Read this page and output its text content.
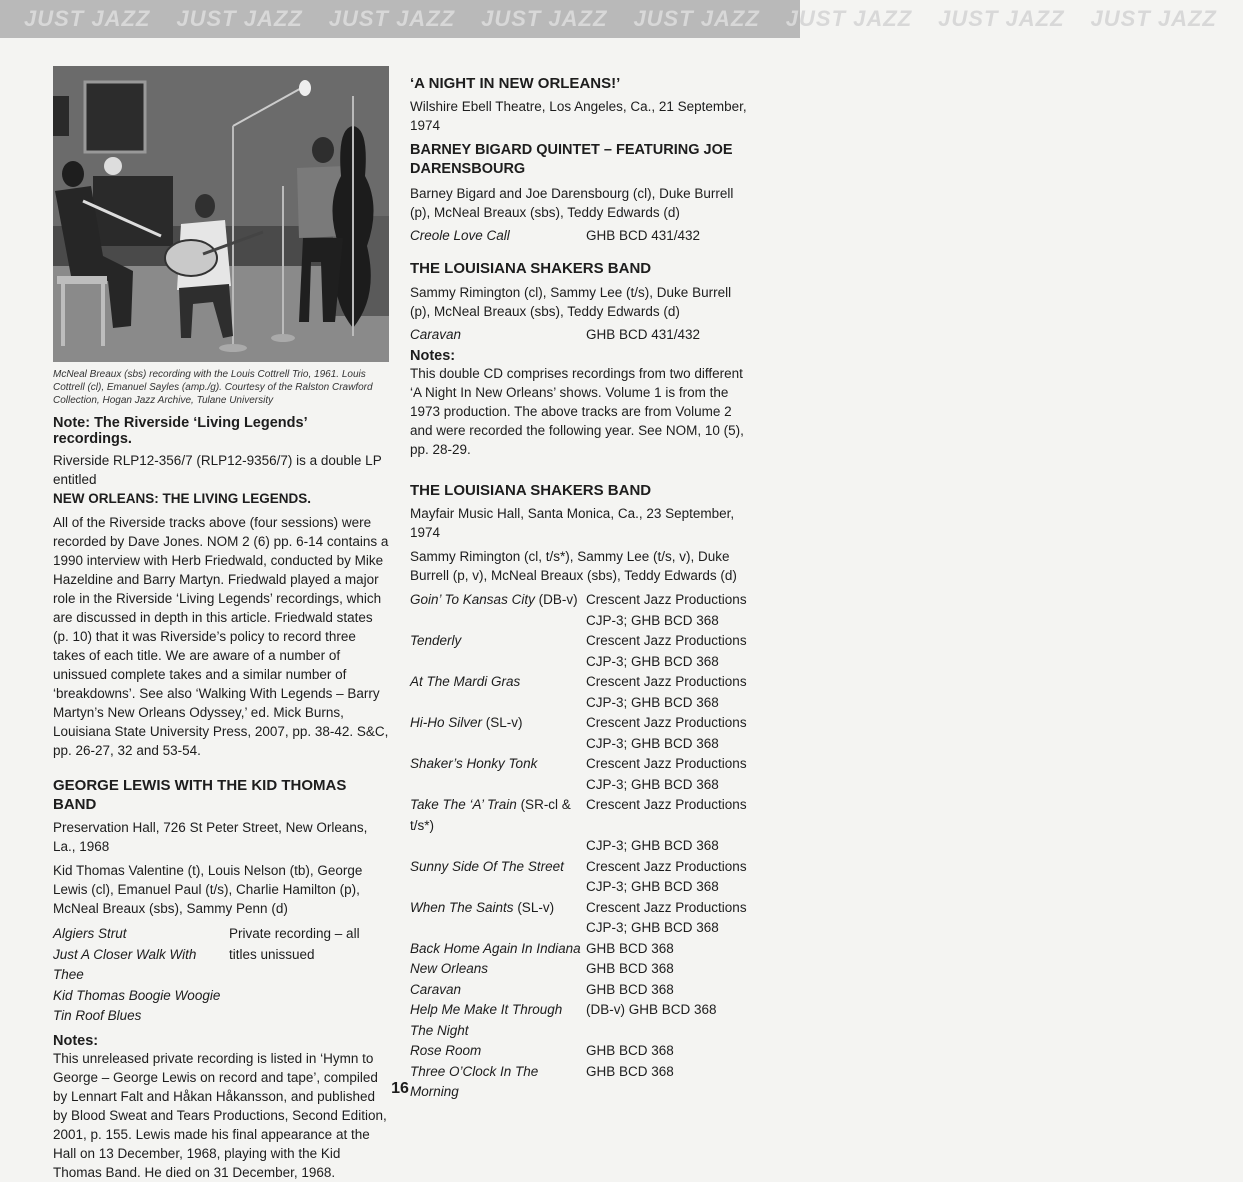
JUST JAZZ JUST JAZZ JUST JAZZ JUST JAZZ JUST JAZZ JUST JAZZ JUST JAZZ JUST JAZZ
McNeal Breaux (sbs) recording with the Louis Cottrell Trio, 1961. Louis Cottrell (cl), Emanuel Sayles (amp./g). Courtesy of the Ralston Crawford Collection, Hogan Jazz Archive, Tulane University
Note: The Riverside ‘Living Legends’ recordings.

Riverside RLP12-356/7 (RLP12-9356/7) is a double LP entitled

NEW ORLEANS: THE LIVING LEGENDS.

All of the Riverside tracks above (four sessions) were recorded by Dave Jones. NOM 2 (6) pp. 6-14 contains a 1990 interview with Herb Friedwald, conducted by Mike Hazeldine and Barry Martyn. Friedwald played a major role in the Riverside ‘Living Legends’ recordings, which are discussed in depth in this article. Friedwald states (p. 10) that it was Riverside’s policy to record three takes of each title. We are aware of a number of unissued complete takes and a similar number of ‘breakdowns’. See also ‘Walking With Legends – Barry Martyn’s New Orleans Odyssey,’ ed. Mick Burns, Louisiana State University Press, 2007, pp. 38-42. S&C, pp. 26-27, 32 and 53-54.

GEORGE LEWIS WITH THE KID THOMAS BAND

Preservation Hall, 726 St Peter Street, New Orleans, La., 1968

Kid Thomas Valentine (t), Louis Nelson (tb), George Lewis (cl), Emanuel Paul (t/s), Charlie Hamilton (p), McNeal Breaux (sbs), Sammy Penn (d)

Algiers Strut
Just A Closer Walk With Thee
Kid Thomas Boogie Woogie
Tin Roof Blues
Private recording – all titles unissued
Notes:

This unreleased private recording is listed in ‘Hymn to George – George Lewis on record and tape’, compiled by Lennart Falt and Håkan Håkansson, and published by Blood Sweat and Tears Productions, Second Edition, 2001, p. 155. Lewis made his final appearance at the Hall on 13 December, 1968, playing with the Kid Thomas Band. He died on 31 December, 1968.

‘A NIGHT IN NEW ORLEANS!’

Wilshire Ebell Theatre, Los Angeles, Ca., 21 September, 1974

BARNEY BIGARD QUINTET – FEATURING JOE DARENSBOURG

Barney Bigard and Joe Darensbourg (cl), Duke Burrell (p), McNeal Breaux (sbs), Teddy Edwards (d)

Creole Love Call	GHB BCD 431/432
THE LOUISIANA SHAKERS BAND

Sammy Rimington (cl), Sammy Lee (t/s), Duke Burrell (p), McNeal Breaux (sbs), Teddy Edwards (d)

Caravan	GHB BCD 431/432
Notes:

This double CD comprises recordings from two different ‘A Night In New Orleans’ shows. Volume 1 is from the 1973 production. The above tracks are from Volume 2 and were recorded the following year. See NOM, 10 (5), pp. 28-29.

THE LOUISIANA SHAKERS BAND

Mayfair Music Hall, Santa Monica, Ca., 23 September, 1974

Sammy Rimington (cl, t/s*), Sammy Lee (t/s, v), Duke Burrell (p, v), McNeal Breaux (sbs), Teddy Edwards (d)

Goin’ To Kansas City (DB-v) Crescent Jazz Productions
CJP-3; GHB BCD 368
Tenderly	Crescent Jazz Productions
CJP-3; GHB BCD 368
At The Mardi Gras	Crescent Jazz Productions
CJP-3; GHB BCD 368
Hi-Ho Silver (SL-v)	Crescent Jazz Productions
CJP-3; GHB BCD 368
Shaker’s Honky Tonk	Crescent Jazz Productions
CJP-3; GHB BCD 368
Take The ‘A’ Train (SR-cl & t/s*)
Crescent Jazz Productions
CJP-3; GHB BCD 368
Sunny Side Of The Street	Crescent Jazz Productions
CJP-3; GHB BCD 368
When The Saints (SL-v)	Crescent Jazz Productions
CJP-3; GHB BCD 368
Back Home Again In Indiana GHB BCD 368
New Orleans	GHB BCD 368
Caravan	GHB BCD 368
Help Me Make It Through	(DB-v) GHB BCD 368
The Night
Rose Room	GHB BCD 368
Three O’Clock In The Morning
GHB BCD 368
16
